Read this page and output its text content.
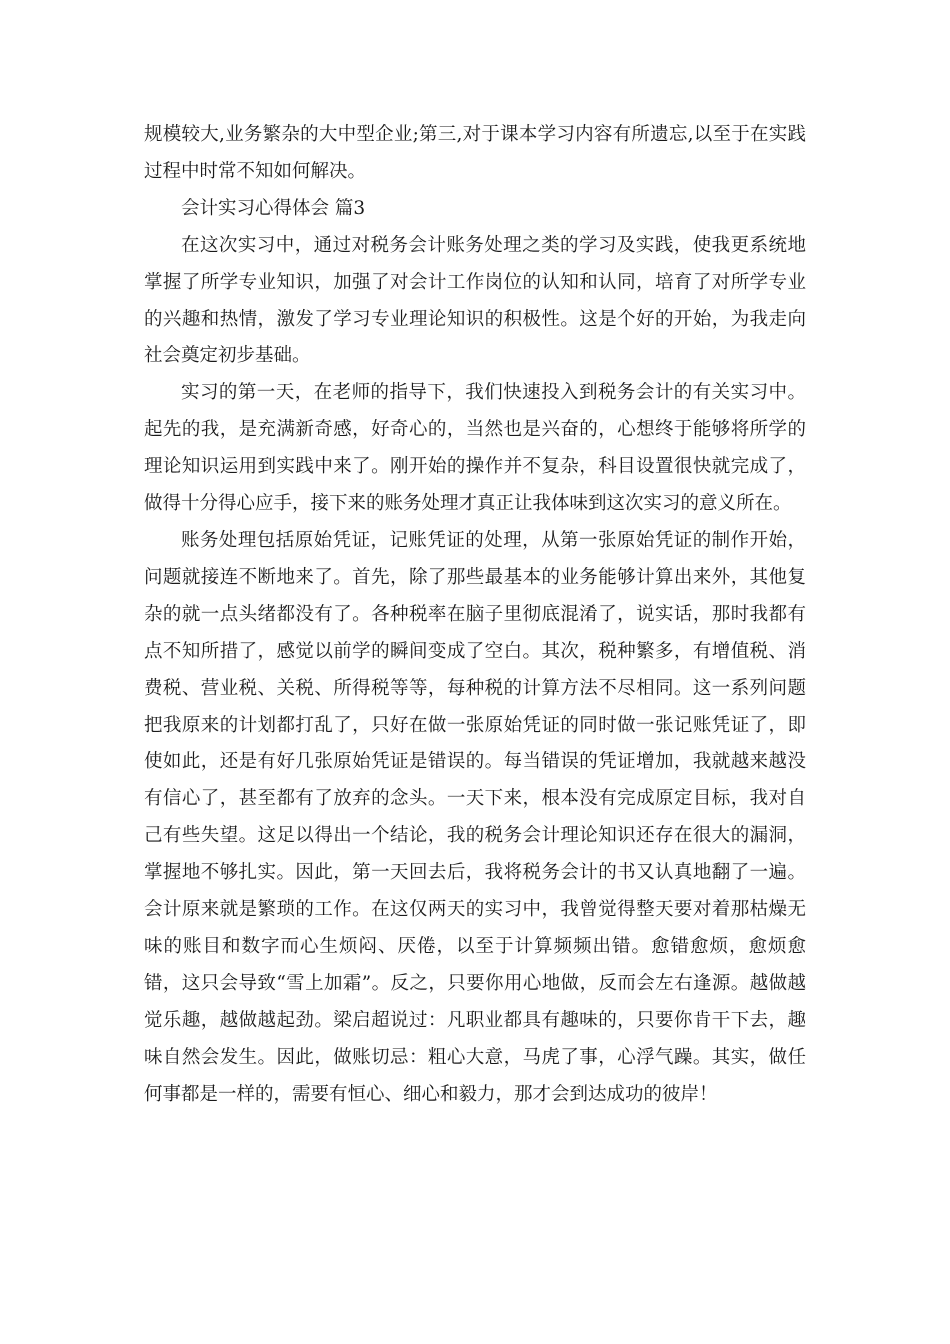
规模较大,业务繁杂的大中型企业;第三,对于课本学习内容有所遗忘,以至于在实践过程中时常不知如何解决。

会计实习心得体会 篇3

在这次实习中，通过对税务会计账务处理之类的学习及实践，使我更系统地掌握了所学专业知识，加强了对会计工作岗位的认知和认同，培育了对所学专业的兴趣和热情，激发了学习专业理论知识的积极性。这是个好的开始，为我走向社会奠定初步基础。

实习的第一天，在老师的指导下，我们快速投入到税务会计的有关实习中。起先的我，是充满新奇感，好奇心的，当然也是兴奋的，心想终于能够将所学的理论知识运用到实践中来了。刚开始的操作并不复杂，科目设置很快就完成了，做得十分得心应手，接下来的账务处理才真正让我体味到这次实习的意义所在。

账务处理包括原始凭证，记账凭证的处理，从第一张原始凭证的制作开始，问题就接连不断地来了。首先，除了那些最基本的业务能够计算出来外，其他复杂的就一点头绪都没有了。各种税率在脑子里彻底混淆了，说实话，那时我都有点不知所措了，感觉以前学的瞬间变成了空白。其次，税种繁多，有增值税、消费税、营业税、关税、所得税等等，每种税的计算方法不尽相同。这一系列问题把我原来的计划都打乱了，只好在做一张原始凭证的同时做一张记账凭证了，即使如此，还是有好几张原始凭证是错误的。每当错误的凭证增加，我就越来越没有信心了，甚至都有了放弃的念头。一天下来，根本没有完成原定目标，我对自己有些失望。这足以得出一个结论，我的税务会计理论知识还存在很大的漏洞，掌握地不够扎实。因此，第一天回去后，我将税务会计的书又认真地翻了一遍。会计原来就是繁琐的工作。在这仅两天的实习中，我曾觉得整天要对着那枯燥无味的账目和数字而心生烦闷、厌倦，以至于计算频频出错。愈错愈烦，愈烦愈错，这只会导致“雪上加霜”。反之，只要你用心地做，反而会左右逢源。越做越觉乐趣，越做越起劲。梁启超说过：凡职业都具有趣味的，只要你肯干下去，趣味自然会发生。因此，做账切忌：粗心大意，马虎了事，心浮气躁。其实，做任何事都是一样的，需要有恒心、细心和毅力，那才会到达成功的彼岸！
